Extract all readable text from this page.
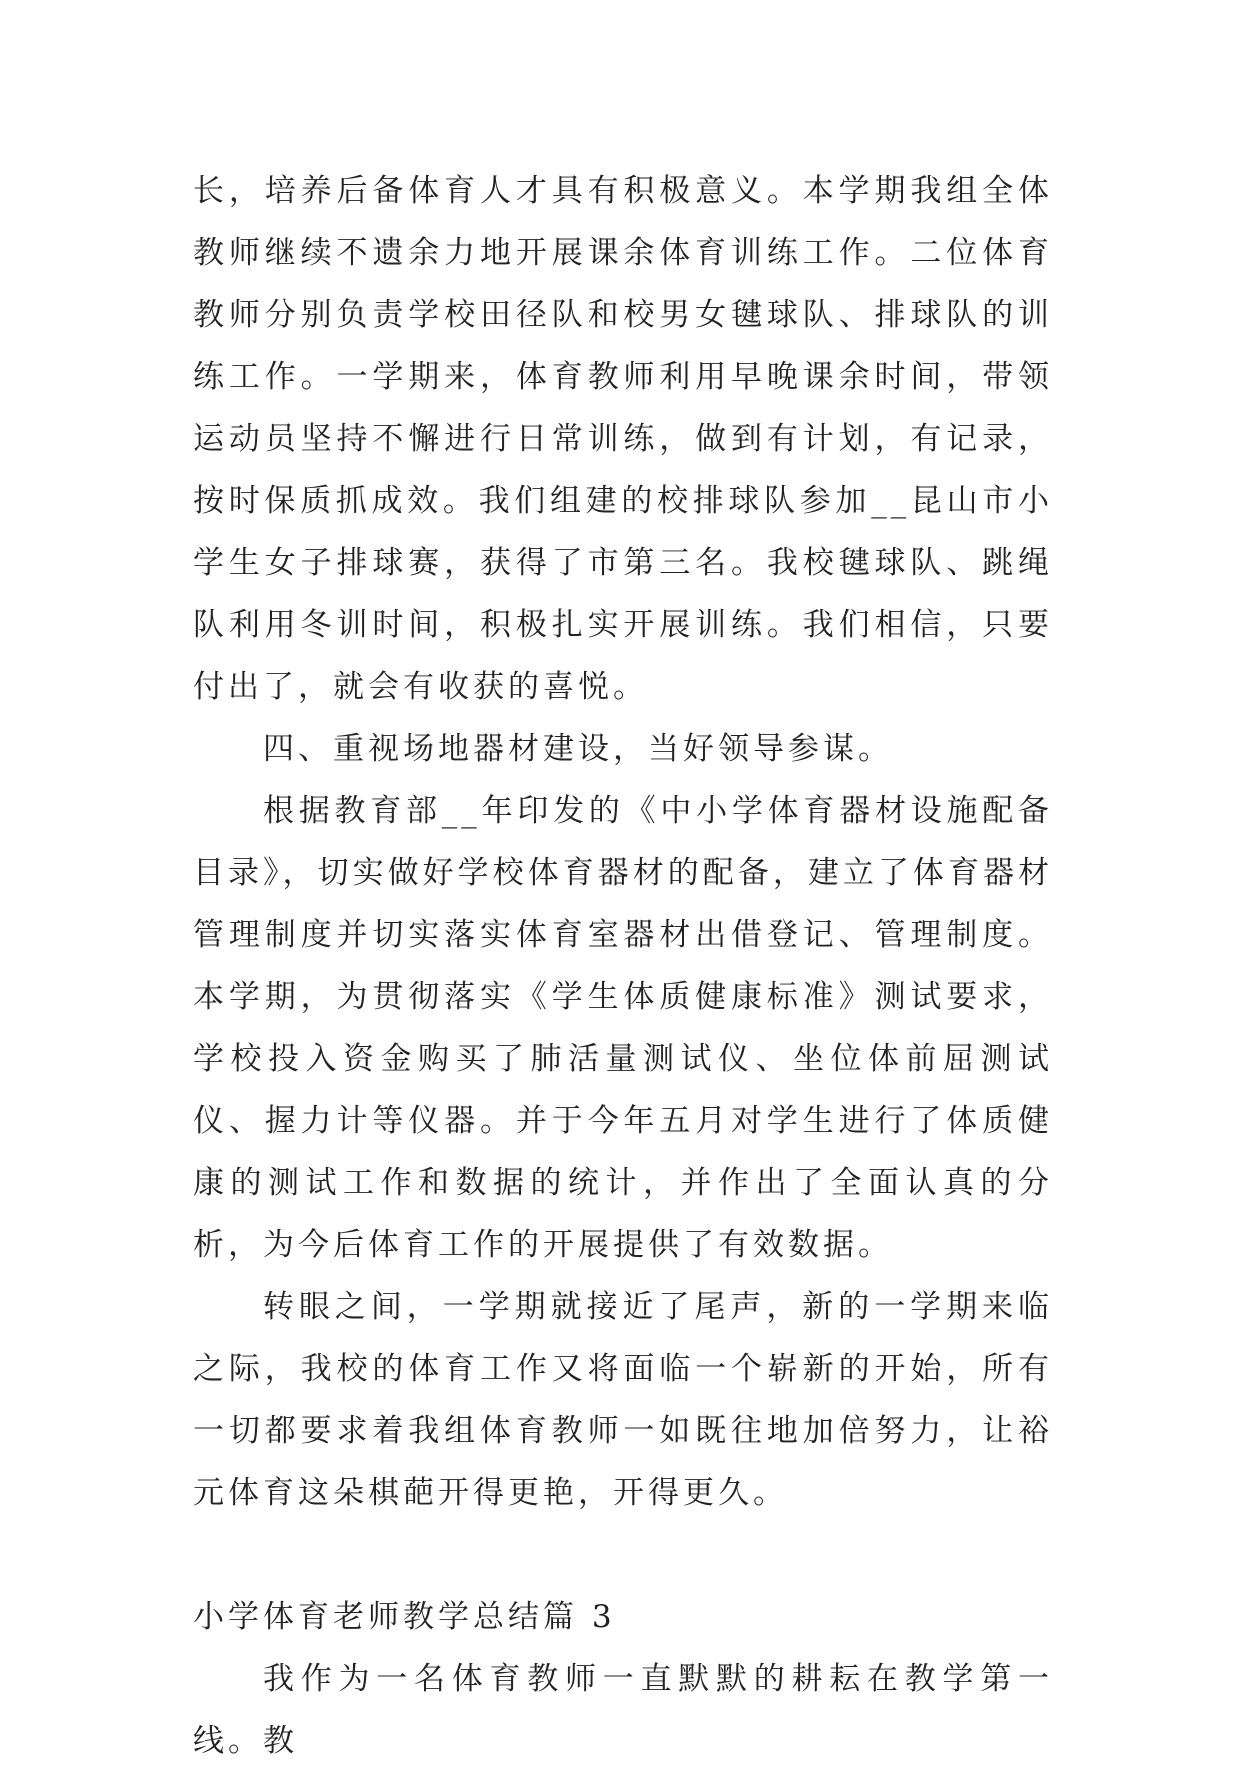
长，培养后备体育人才具有积极意义。本学期我组全体教师继续不遗余力地开展课余体育训练工作。二位体育教师分别负责学校田径队和校男女毽球队、排球队的训练工作。一学期来，体育教师利用早晚课余时间，带领运动员坚持不懈进行日常训练，做到有计划，有记录，按时保质抓成效。我们组建的校排球队参加__昆山市小学生女子排球赛，获得了市第三名。我校毽球队、跳绳队利用冬训时间，积极扎实开展训练。我们相信，只要付出了，就会有收获的喜悦。

四、重视场地器材建设，当好领导参谋。

根据教育部__年印发的《中小学体育器材设施配备目录》，切实做好学校体育器材的配备，建立了体育器材管理制度并切实落实体育室器材出借登记、管理制度。本学期，为贯彻落实《学生体质健康标准》测试要求，学校投入资金购买了肺活量测试仪、坐位体前屈测试仪、握力计等仪器。并于今年五月对学生进行了体质健康的测试工作和数据的统计，并作出了全面认真的分析，为今后体育工作的开展提供了有效数据。

转眼之间，一学期就接近了尾声，新的一学期来临之际，我校的体育工作又将面临一个崭新的开始，所有一切都要求着我组体育教师一如既往地加倍努力，让裕元体育这朵棋葩开得更艳，开得更久。

小学体育老师教学总结篇 3

我作为一名体育教师一直默默的耕耘在教学第一线。教
